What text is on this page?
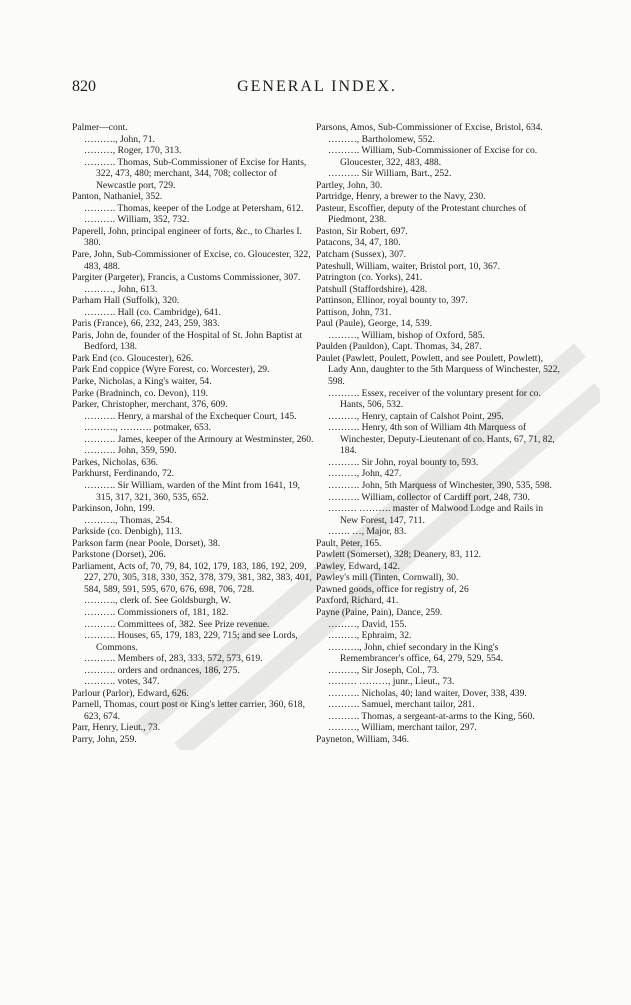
820	GENERAL INDEX.

Palmer—cont.

………., John, 71.

………, Roger, 170, 313.

………. Thomas, Sub-Commissioner of Excise for Hants, 322, 473, 480; merchant, 344, 708; collector of Newcastle port, 729.

Panton, Nathaniel, 352.

………. Thomas, keeper of the Lodge at Petersham, 612.

………. William, 352, 732.

Paperell, John, principal engineer of forts, &c., to Charles I. 380.

Pare, John, Sub-Commissioner of Excise, co. Gloucester, 322, 483, 488.

Pargiter (Pargeter), Francis, a Customs Commissioner, 307.

………, John, 613.

Parham Hall (Suffolk), 320.

………. Hall (co. Cambridge), 641.

Paris (France), 66, 232, 243, 259, 383.

Paris, John de, founder of the Hospital of St. John Baptist at Bedford, 138.

Park End (co. Gloucester), 626.

Park End coppice (Wyre Forest, co. Worcester), 29.

Parke, Nicholas, a King's waiter, 54.

Parke (Bradninch, co. Devon), 119.

Parker, Christopher, merchant, 376, 609.

………. Henry, a marshal of the Exchequer Court, 145.

………., ………. potmaker, 653.

………. James, keeper of the Armoury at Westminster, 260.

………. John, 359, 590.

Parkes, Nicholas, 636.

Parkhurst, Ferdinando, 72.

………. Sir William, warden of the Mint from 1641, 19, 315, 317, 321, 360, 535, 652.

Parkinson, John, 199.

………., Thomas, 254.

Parkside (co. Denbigh), 113.

Parkson farm (near Poole, Dorset), 38.

Parkstone (Dorset), 206.

Parliament, Acts of, 70, 79, 84, 102, 179, 183, 186, 192, 209, 227, 270, 305, 318, 330, 352, 378, 379, 381, 382, 383, 401, 584, 589, 591, 595, 670, 676, 698, 706, 728.

………., clerk of. See Goldsburgh, W.

………. Commissioners of, 181, 182.

………. Committees of, 382. See Prize revenue.

………. Houses, 65, 179, 183, 229, 715; and see Lords, Commons.

………. Members of, 283, 333, 572, 573, 619.

………. orders and ordnances, 186, 275.

………. votes, 347.

Parlour (Parlor), Edward, 626.

Parnell, Thomas, court post or King's letter carrier, 360, 618, 623, 674.

Parr, Henry, Lieut., 73.

Parry, John, 259.

Parsons, Amos, Sub-Commissioner of Excise, Bristol, 634.

………, Bartholomew, 552.

………. William, Sub-Commissioner of Excise for co. Gloucester, 322, 483, 488.

………. Sir William, Bart., 252.

Partley, John, 30.

Partridge, Henry, a brewer to the Navy, 230.

Pasteur, Escoffier, deputy of the Protestant churches of Piedmont, 238.

Paston, Sir Robert, 697.

Patacons, 34, 47, 180.

Patcham (Sussex), 307.

Pateshull, William, waiter, Bristol port, 10, 367.

Patrington (co. Yorks), 241.

Patshull (Staffordshire), 428.

Pattinson, Ellinor, royal bounty to, 397.

Pattison, John, 731.

Paul (Paule), George, 14, 539.

………, William, bishop of Oxford, 585.

Paulden (Pauldon), Capt. Thomas, 34, 287.

Paulet (Pawlett, Poulett, Powlett, and see Poulett, Powlett), Lady Ann, daughter to the 5th Marquess of Winchester, 522, 598.

………. Essex, receiver of the voluntary present for co. Hants, 506, 532.

………, Henry, captain of Calshot Point, 295.

………. Henry, 4th son of William 4th Marquess of Winchester, Deputy-Lieutenant of co. Hants, 67, 71, 82, 184.

………. Sir John, royal bounty to, 593.

………, John, 427.

………. John, 5th Marquess of Winchester, 390, 535, 598.

………. William, collector of Cardiff port, 248, 730.

……… ………. master of Malwood Lodge and Rails in New Forest, 147, 711.

……. …, Major, 83.

Pault, Peter, 165.

Pawlett (Somerset), 328; Deanery, 83, 112.

Pawley, Edward, 142.

Pawley's mill (Tinten, Cornwall), 30.

Pawned goods, office for registry of, 26

Paxford, Richard, 41.

Payne (Paine, Pain), Dance, 259.

………, David, 155.

………, Ephraim, 32.

………., John, chief secondary in the King's Remembrancer's office, 64, 279, 529, 554.

………, Sir Joseph, Col., 73.

……… ………, junr., Lieut., 73.

………. Nicholas, 40; land waiter, Dover, 338, 439.

………. Samuel, merchant tailor, 281.

………. Thomas, a sergeant-at-arms to the King, 560.

………, William, merchant tailor, 297.

Payneton, William, 346.
